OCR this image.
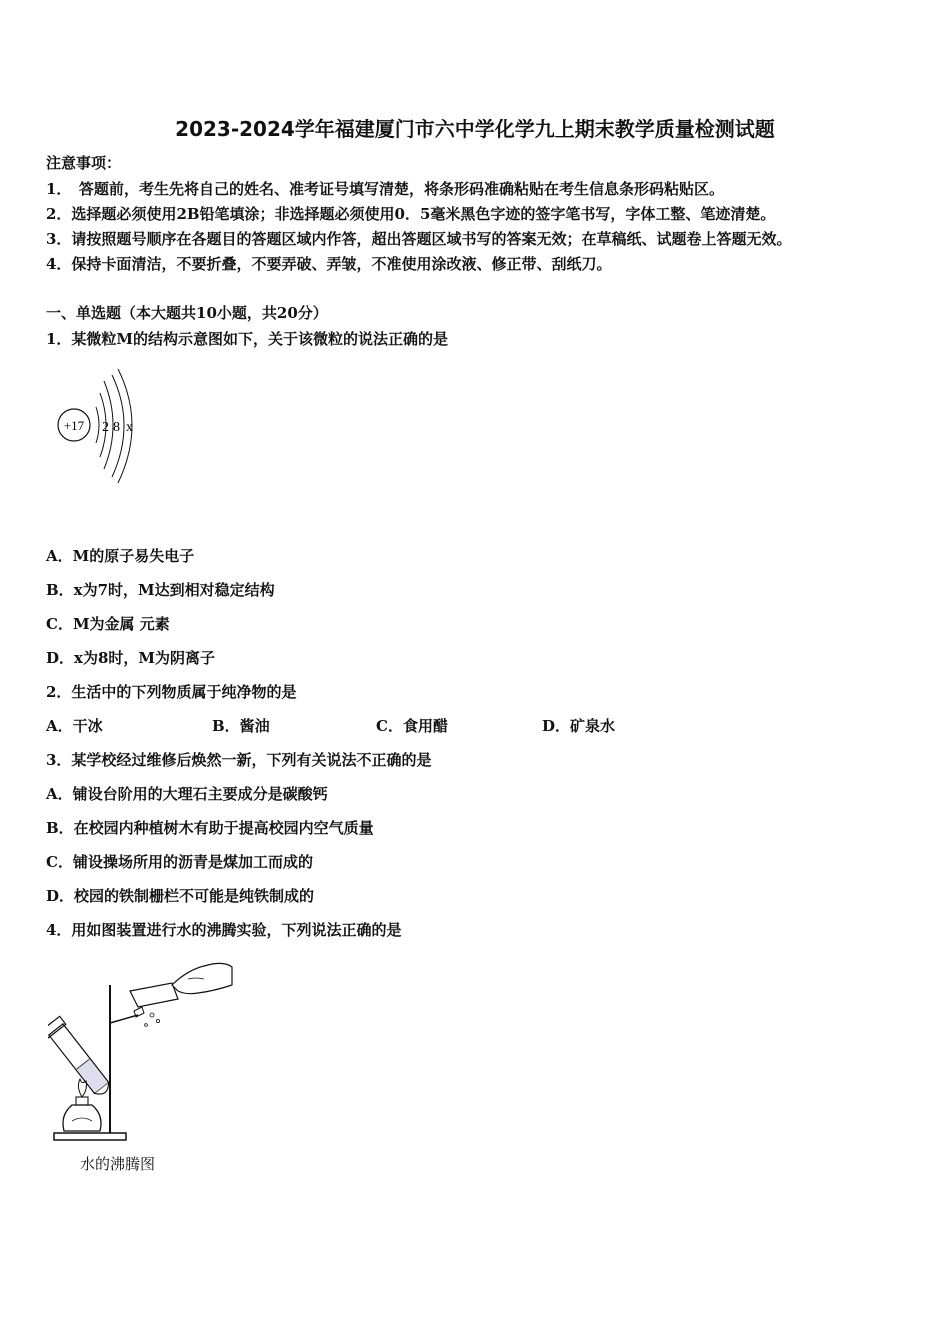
2023-2024学年福建厦门市六中学化学九上期末教学质量检测试题
注意事项：
1．　答题前，考生先将自己的姓名、准考证号填写清楚，将条形码准确粘贴在考生信息条形码粘贴区。
2．选择题必须使用2B铅笔填涂；非选择题必须使用0．5毫米黑色字迹的签字笔书写，字体工整、笔迹清楚。
3．请按照题号顺序在各题目的答题区域内作答，超出答题区域书写的答案无效；在草稿纸、试题卷上答题无效。
4．保持卡面清洁，不要折叠，不要弄破、弄皱，不准使用涂改液、修正带、刮纸刀。
一、单选题（本大题共10小题，共20分）
1．某微粒M的结构示意图如下，关于该微粒的说法正确的是
+17 2 8 x
A．M的原子易失电子
B．x为7时，M达到相对稳定结构
C．M为金属 元素
D．x为8时，M为阴离子
2．生活中的下列物质属于纯净物的是
A．干冰	B．酱油	C．食用醋	D．矿泉水
3．某学校经过维修后焕然一新，下列有关说法不正确的是
A．铺设台阶用的大理石主要成分是碳酸钙
B．在校园内种植树木有助于提高校园内空气质量
C．铺设操场所用的沥青是煤加工而成的
D．校园的铁制栅栏不可能是纯铁制成的
4．用如图装置进行水的沸腾实验，下列说法正确的是
水的沸腾图
